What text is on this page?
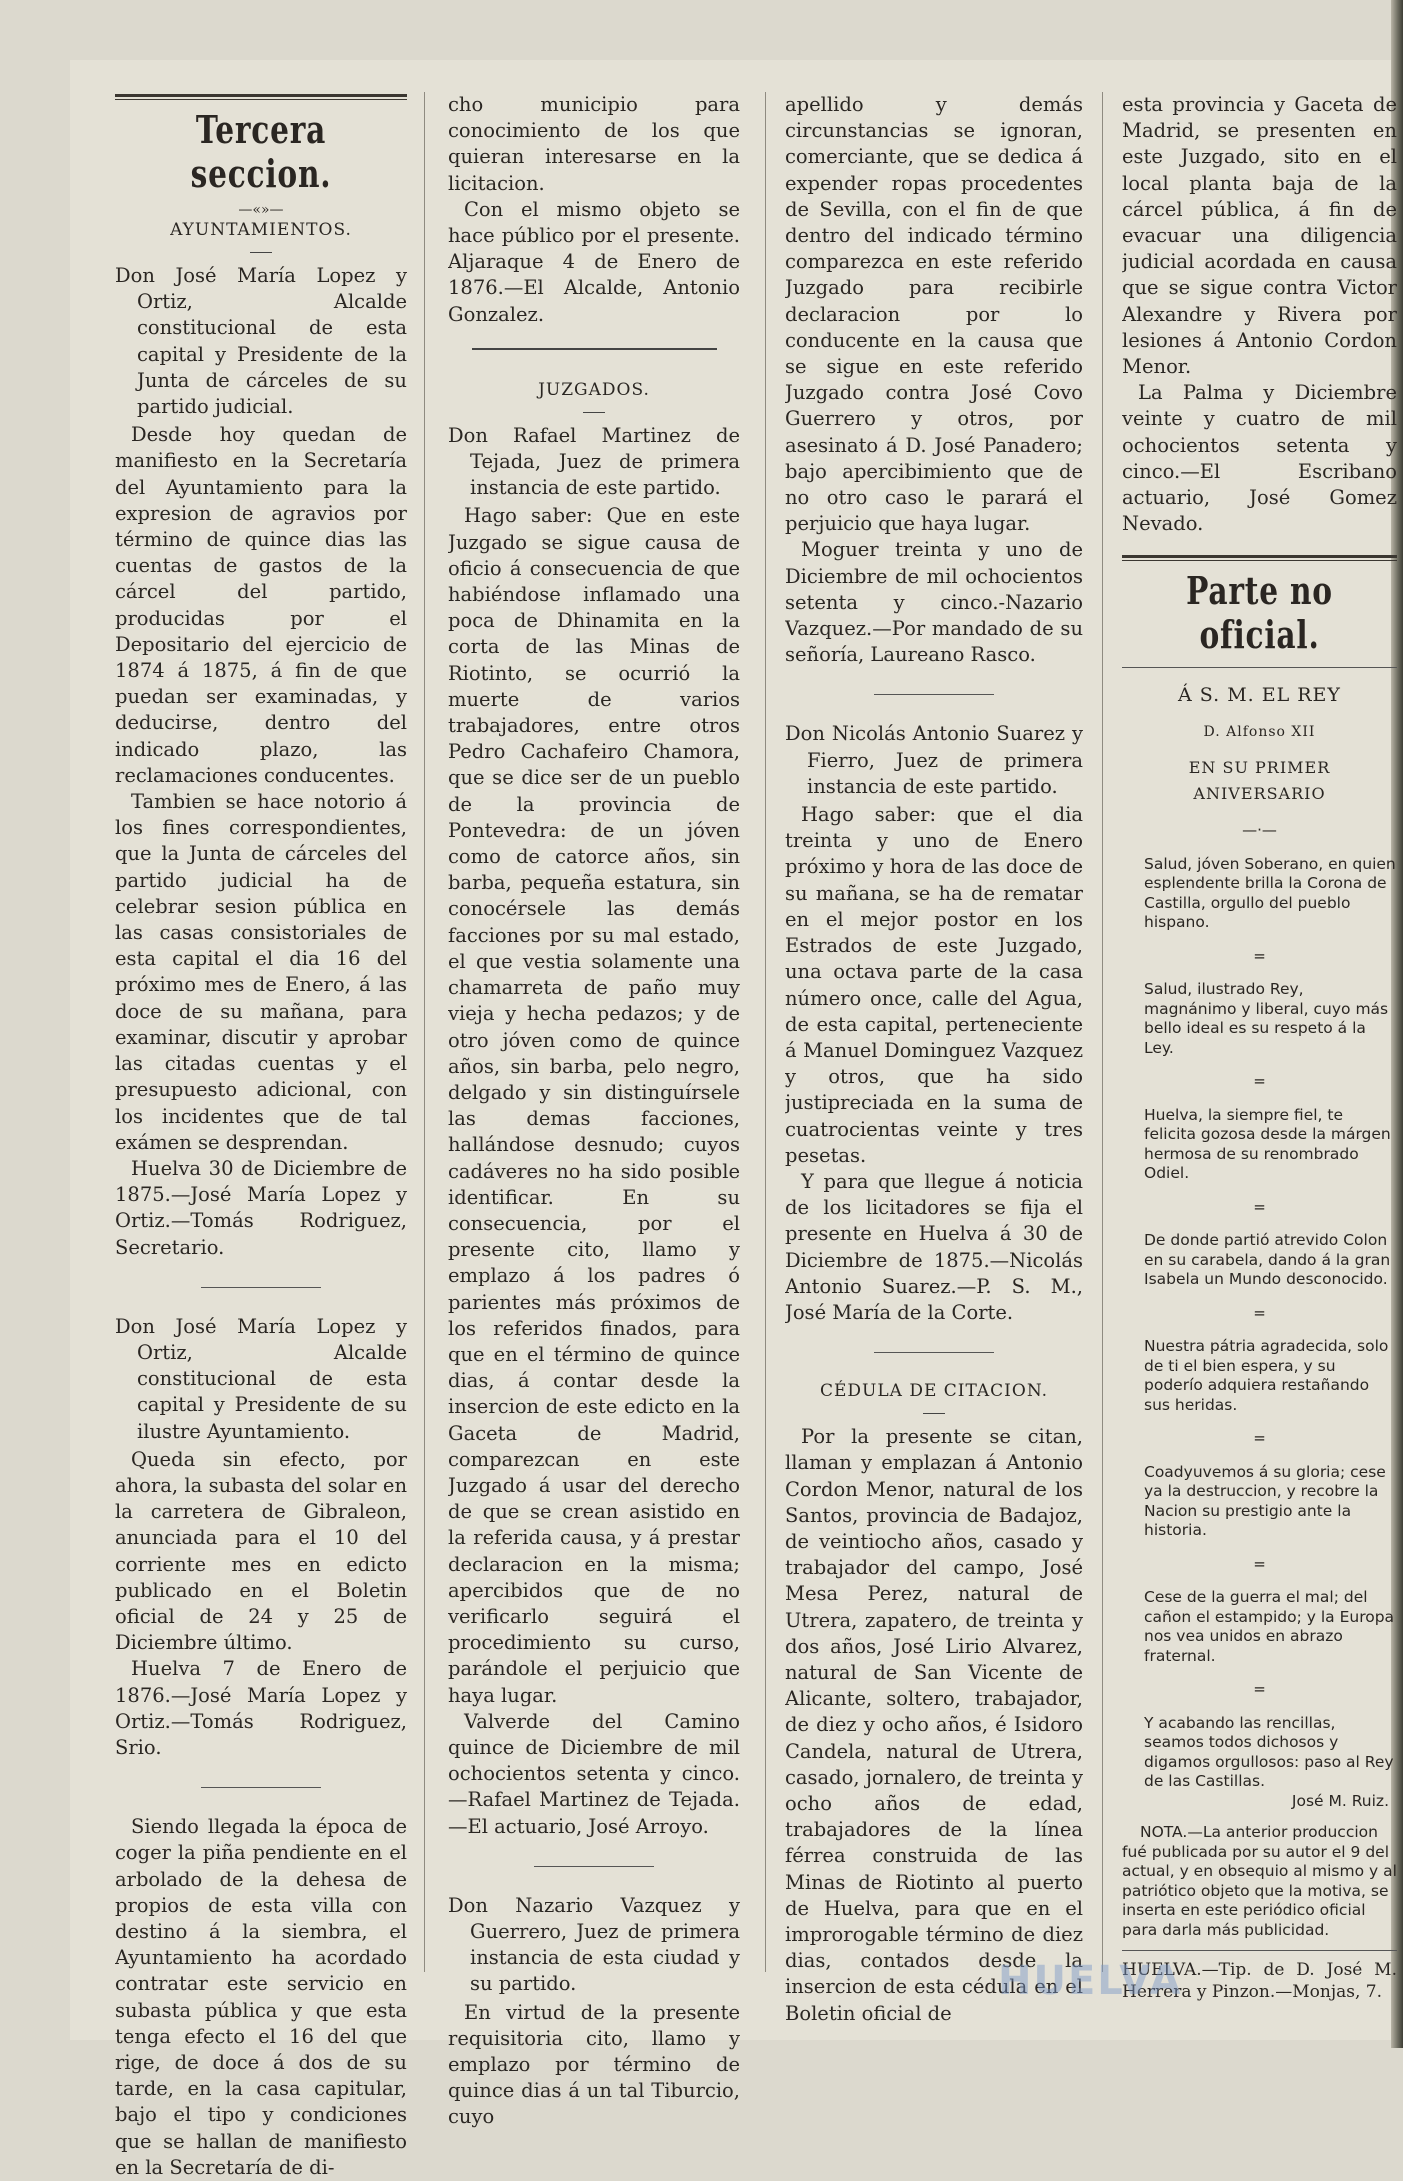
Tercera seccion.
—«»—
AYUNTAMIENTOS.

Don José María Lopez y Ortiz, Alcalde constitucional de esta capital y Presidente de la Junta de cárceles de su partido judicial.

Desde hoy quedan de manifiesto en la Secretaría del Ayuntamiento para la expresion de agravios por término de quince dias las cuentas de gastos de la cárcel del partido, producidas por el Depositario del ejercicio de 1874 á 1875, á fin de que puedan ser examinadas, y deducirse, dentro del indicado plazo, las reclamaciones conducentes.

Tambien se hace notorio á los fines correspondientes, que la Junta de cárceles del partido judicial ha de celebrar sesion pública en las casas consistoriales de esta capital el dia 16 del próximo mes de Enero, á las doce de su mañana, para examinar, discutir y aprobar las citadas cuentas y el presupuesto adicional, con los incidentes que de tal exámen se desprendan.

Huelva 30 de Diciembre de 1875.—José María Lopez y Ortiz.—Tomás Rodriguez, Secretario.

Don José María Lopez y Ortiz, Alcalde constitucional de esta capital y Presidente de su ilustre Ayuntamiento.

Queda sin efecto, por ahora, la subasta del solar en la carretera de Gibraleon, anunciada para el 10 del corriente mes en edicto publicado en el Boletin oficial de 24 y 25 de Diciembre último.

Huelva 7 de Enero de 1876.—José María Lopez y Ortiz.—Tomás Rodriguez, Srio.

Siendo llegada la época de coger la piña pendiente en el arbolado de la dehesa de propios de esta villa con destino á la siembra, el Ayuntamiento ha acordado contratar este servicio en subasta pública y que esta tenga efecto el 16 del que rige, de doce á dos de su tarde, en la casa capitular, bajo el tipo y condiciones que se hallan de manifiesto en la Secretaría de di-

cho municipio para conocimiento de los que quieran interesarse en la licitacion.

Con el mismo objeto se hace público por el presente. Aljaraque 4 de Enero de 1876.—El Alcalde, Antonio Gonzalez.

JUZGADOS.

Don Rafael Martinez de Tejada, Juez de primera instancia de este partido.

Hago saber: Que en este Juzgado se sigue causa de oficio á consecuencia de que habiéndose inflamado una poca de Dhinamita en la corta de las Minas de Riotinto, se ocurrió la muerte de varios trabajadores, entre otros Pedro Cachafeiro Chamora, que se dice ser de un pueblo de la provincia de Pontevedra: de un jóven como de catorce años, sin barba, pequeña estatura, sin conocérsele las demás facciones por su mal estado, el que vestia solamente una chamarreta de paño muy vieja y hecha pedazos; y de otro jóven como de quince años, sin barba, pelo negro, delgado y sin distinguírsele las demas facciones, hallándose desnudo; cuyos cadáveres no ha sido posible identificar. En su consecuencia, por el presente cito, llamo y emplazo á los padres ó parientes más próximos de los referidos finados, para que en el término de quince dias, á contar desde la insercion de este edicto en la Gaceta de Madrid, comparezcan en este Juzgado á usar del derecho de que se crean asistido en la referida causa, y á prestar declaracion en la misma; apercibidos que de no verificarlo seguirá el procedimiento su curso, parándole el perjuicio que haya lugar.

Valverde del Camino quince de Diciembre de mil ochocientos setenta y cinco.—Rafael Martinez de Tejada.—El actuario, José Arroyo.

Don Nazario Vazquez y Guerrero, Juez de primera instancia de esta ciudad y su partido.

En virtud de la presente requisitoria cito, llamo y emplazo por término de quince dias á un tal Tiburcio, cuyo

apellido y demás circunstancias se ignoran, comerciante, que se dedica á expender ropas procedentes de Sevilla, con el fin de que dentro del indicado término comparezca en este referido Juzgado para recibirle declaracion por lo conducente en la causa que se sigue en este referido Juzgado contra José Covo Guerrero y otros, por asesinato á D. José Panadero; bajo apercibimiento que de no otro caso le parará el perjuicio que haya lugar.

Moguer treinta y uno de Diciembre de mil ochocientos setenta y cinco.-Nazario Vazquez.—Por mandado de su señoría, Laureano Rasco.

Don Nicolás Antonio Suarez y Fierro, Juez de primera instancia de este partido.

Hago saber: que el dia treinta y uno de Enero próximo y hora de las doce de su mañana, se ha de rematar en el mejor postor en los Estrados de este Juzgado, una octava parte de la casa número once, calle del Agua, de esta capital, perteneciente á Manuel Dominguez Vazquez y otros, que ha sido justipreciada en la suma de cuatrocientas veinte y tres pesetas.

Y para que llegue á noticia de los licitadores se fija el presente en Huelva á 30 de Diciembre de 1875.—Nicolás Antonio Suarez.—P. S. M., José María de la Corte.

CÉDULA DE CITACION.

Por la presente se citan, llaman y emplazan á Antonio Cordon Menor, natural de los Santos, provincia de Badajoz, de veintiocho años, casado y trabajador del campo, José Mesa Perez, natural de Utrera, zapatero, de treinta y dos años, José Lirio Alvarez, natural de San Vicente de Alicante, soltero, trabajador, de diez y ocho años, é Isidoro Candela, natural de Utrera, casado, jornalero, de treinta y ocho años de edad, trabajadores de la línea férrea construida de las Minas de Riotinto al puerto de Huelva, para que en el improrogable término de diez dias, contados desde la insercion de esta cédula en el Boletin oficial de

esta provincia y Gaceta de Madrid, se presenten en este Juzgado, sito en el local planta baja de la cárcel pública, á fin de evacuar una diligencia judicial acordada en causa que se sigue contra Victor Alexandre y Rivera por lesiones á Antonio Cordon Menor.

La Palma y Diciembre veinte y cuatro de mil ochocientos setenta y cinco.—El Escribano actuario, José Gomez Nevado.

Parte no oficial.
Á S. M. EL REY
D. Alfonso XII
EN SU PRIMER ANIVERSARIO
—·—

Salud, jóven Soberano, en quien esplendente brilla la Corona de Castilla, orgullo del pueblo hispano.

=

Salud, ilustrado Rey, magnánimo y liberal, cuyo más bello ideal es su respeto á la Ley.

=

Huelva, la siempre fiel, te felicita gozosa desde la márgen hermosa de su renombrado Odiel.

=

De donde partió atrevido Colon en su carabela, dando á la gran Isabela un Mundo desconocido.

=

Nuestra pátria agradecida, solo de ti el bien espera, y su poderío adquiera restañando sus heridas.

=

Coadyuvemos á su gloria; cese ya la destruccion, y recobre la Nacion su prestigio ante la historia.

=

Cese de la guerra el mal; del cañon el estampido; y la Europa nos vea unidos en abrazo fraternal.

=

Y acabando las rencillas, seamos todos dichosos y digamos orgullosos: paso al Rey de las Castillas.

José M. Ruiz.

NOTA.—La anterior produccion fué publicada por su autor el 9 del actual, y en obsequio al mismo y al patriótico objeto que la motiva, se inserta en este periódico oficial para darla más publicidad.

HUELVA.—Tip. de D. José M. Herrera y Pinzon.—Monjas, 7.

HUELVA
